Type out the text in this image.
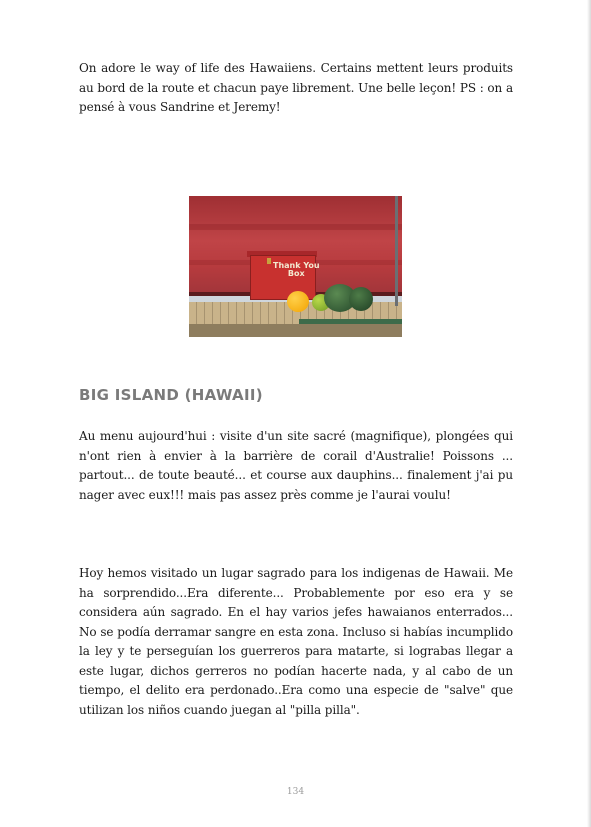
On adore le way of life des Hawaiiens. Certains mettent leurs produits au bord de la route et chacun paye librement. Une belle leçon! PS : on a pensé à vous Sandrine et Jeremy!

Thank You
Box
BIG ISLAND (HAWAII)

Au menu aujourd'hui : visite d'un site sacré (magnifique), plongées qui n'ont rien à envier à la barrière de corail d'Australie! Poissons ... partout... de toute beauté... et course aux dauphins... finalement j'ai pu nager avec eux!!! mais pas assez près comme je l'aurai voulu!

Hoy hemos visitado un lugar sagrado para los indigenas de Hawaii. Me ha sorprendido...Era diferente... Probablemente por eso era y se considera aún sagrado. En el hay varios jefes hawaianos enterrados... No se podía derramar sangre en esta zona. Incluso si habías incumplido la ley y te perseguían los guerreros para matarte, si lograbas llegar a este lugar, dichos gerreros no podían hacerte nada, y al cabo de un tiempo, el delito era perdonado..Era como una especie de "salve" que utilizan los niños cuando juegan al "pilla pilla".

134
